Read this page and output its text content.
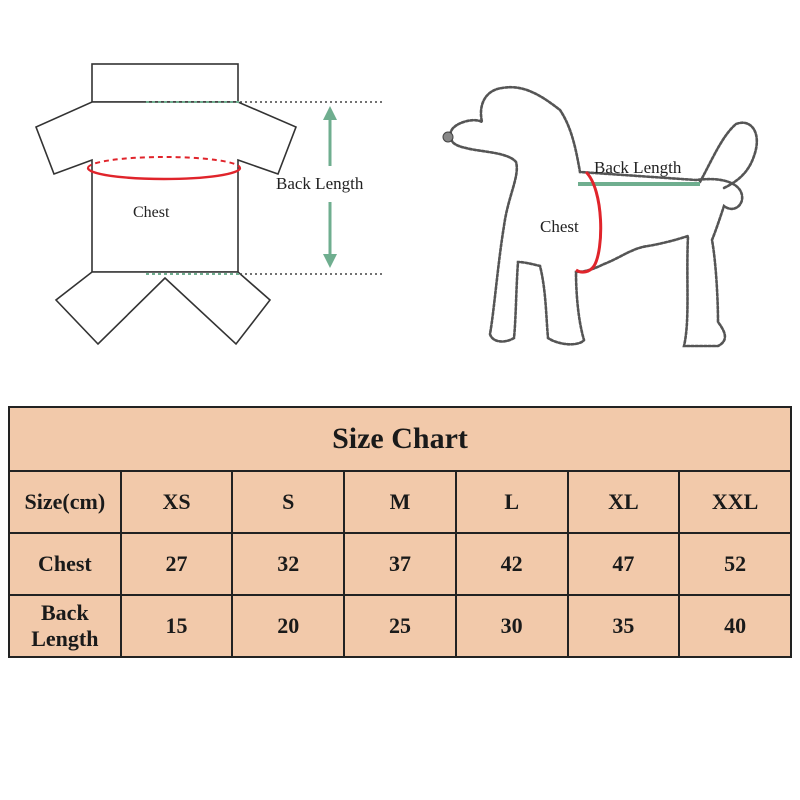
Chest
Back Length
Back Length
Chest
Size Chart						
Size(cm)	XS	S	M	L	XL	XXL
Chest	27	32	37	42	47	52
Back Length	15	20	25	30	35	40
